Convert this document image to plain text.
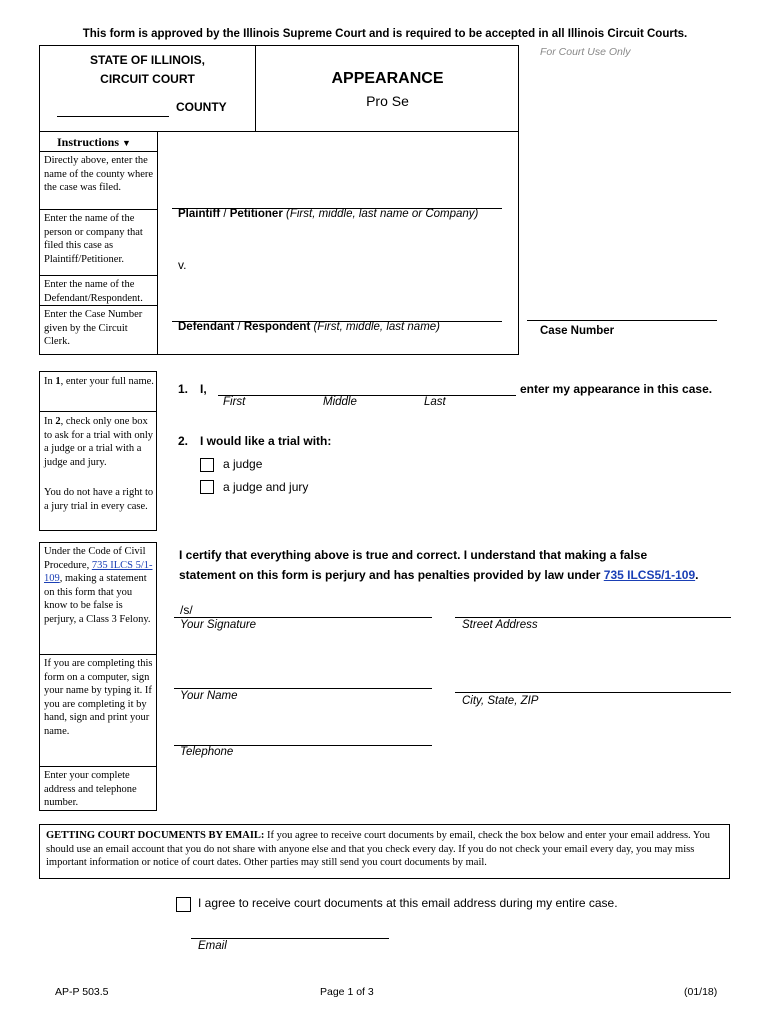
This form is approved by the Illinois Supreme Court and is required to be accepted in all Illinois Circuit Courts.
STATE OF ILLINOIS,
CIRCUIT COURT
COUNTY
APPEARANCE
Pro Se
For Court Use Only
Instructions ▼
Directly above, enter the name of the county where the case was filed.
Enter the name of the person or company that filed this case as Plaintiff/Petitioner.
Enter the name of the Defendant/Respondent.
Enter the Case Number given by the Circuit Clerk.
Case Number
Plaintiff / Petitioner (First, middle, last name or Company)
v.
Defendant / Respondent (First, middle, last name)
In 1, enter your full name.
In 2, check only one box to ask for a trial with only a judge or a trial with a judge and jury.
You do not have a right to a jury trial in every case.
1. I,	enter my appearance in this case.
First	Middle	Last
2. I would like a trial with:
a judge
a judge and jury
Under the Code of Civil Procedure, 735 ILCS 5/1-109, making a statement on this form that you know to be false is perjury, a Class 3 Felony.
If you are completing this form on a computer, sign your name by typing it. If you are completing it by hand, sign and print your name.
Enter your complete address and telephone number.
I certify that everything above is true and correct. I understand that making a false
statement on this form is perjury and has penalties provided by law under 735 ILCS5/1-109.
/s/
Your Signature	Street Address
Your Name	City, State, ZIP
Telephone
GETTING COURT DOCUMENTS BY EMAIL: If you agree to receive court documents by email, check the box below and enter your email address. You should use an email account that you do not share with anyone else and that you check every day. If you do not check your email every day, you may miss important information or notice of court dates. Other parties may still send you court documents by mail.
I agree to receive court documents at this email address during my entire case.
Email
AP-P 503.5	Page 1 of 3	(01/18)
